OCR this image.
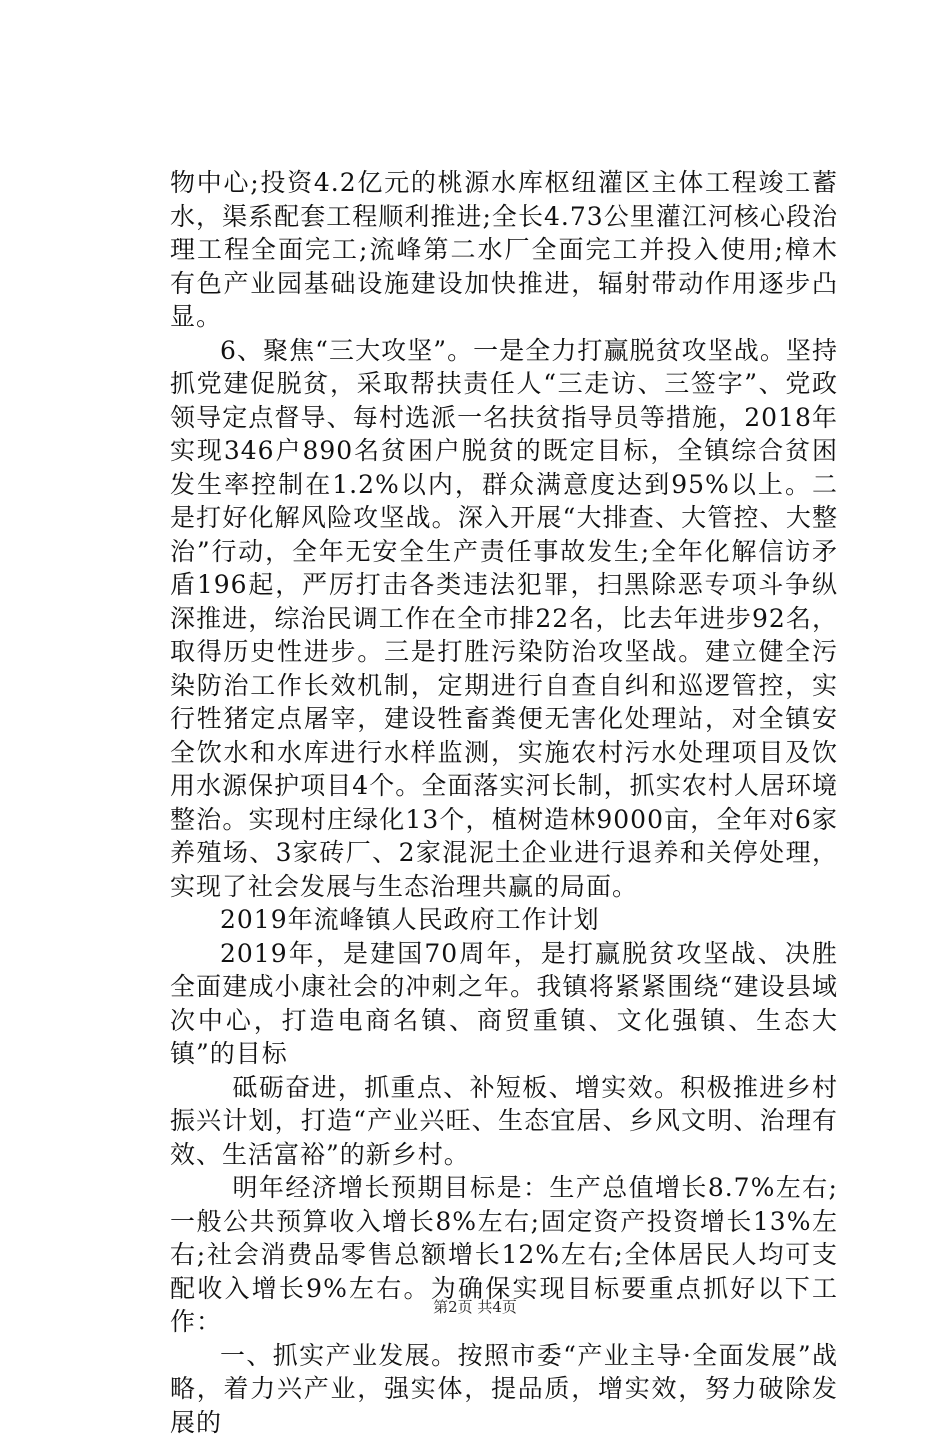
物中心;投资4.2亿元的桃源水库枢纽灌区主体工程竣工蓄水，渠系配套工程顺利推进;全长4.73公里灌江河核心段治理工程全面完工;流峰第二水厂全面完工并投入使用;樟木有色产业园基础设施建设加快推进，辐射带动作用逐步凸显。

6、聚焦“三大攻坚”。一是全力打赢脱贫攻坚战。坚持抓党建促脱贫，采取帮扶责任人“三走访、三签字”、党政领导定点督导、每村选派一名扶贫指导员等措施，2018年实现346户890名贫困户脱贫的既定目标，全镇综合贫困发生率控制在1.2%以内，群众满意度达到95%以上。二是打好化解风险攻坚战。深入开展“大排查、大管控、大整治”行动，全年无安全生产责任事故发生;全年化解信访矛盾196起，严厉打击各类违法犯罪，扫黑除恶专项斗争纵深推进，综治民调工作在全市排22名，比去年进步92名，取得历史性进步。三是打胜污染防治攻坚战。建立健全污染防治工作长效机制，定期进行自查自纠和巡逻管控，实行牲猪定点屠宰，建设牲畜粪便无害化处理站，对全镇安全饮水和水库进行水样监测，实施农村污水处理项目及饮用水源保护项目4个。全面落实河长制，抓实农村人居环境整治。实现村庄绿化13个，植树造林9000亩，全年对6家养殖场、3家砖厂、2家混泥土企业进行退养和关停处理，实现了社会发展与生态治理共赢的局面。

2019年流峰镇人民政府工作计划

2019年，是建国70周年，是打赢脱贫攻坚战、决胜全面建成小康社会的冲刺之年。我镇将紧紧围绕“建设县域次中心，打造电商名镇、商贸重镇、文化强镇、生态大镇”的目标

砥砺奋进，抓重点、补短板、增实效。积极推进乡村振兴计划，打造“产业兴旺、生态宜居、乡风文明、治理有效、生活富裕”的新乡村。

明年经济增长预期目标是：生产总值增长8.7%左右;一般公共预算收入增长8%左右;固定资产投资增长13%左右;社会消费品零售总额增长12%左右;全体居民人均可支配收入增长9%左右。为确保实现目标要重点抓好以下工作：

一、抓实产业发展。按照市委“产业主导·全面发展”战略，着力兴产业，强实体，提品质，增实效，努力破除发展的

第2页 共4页
